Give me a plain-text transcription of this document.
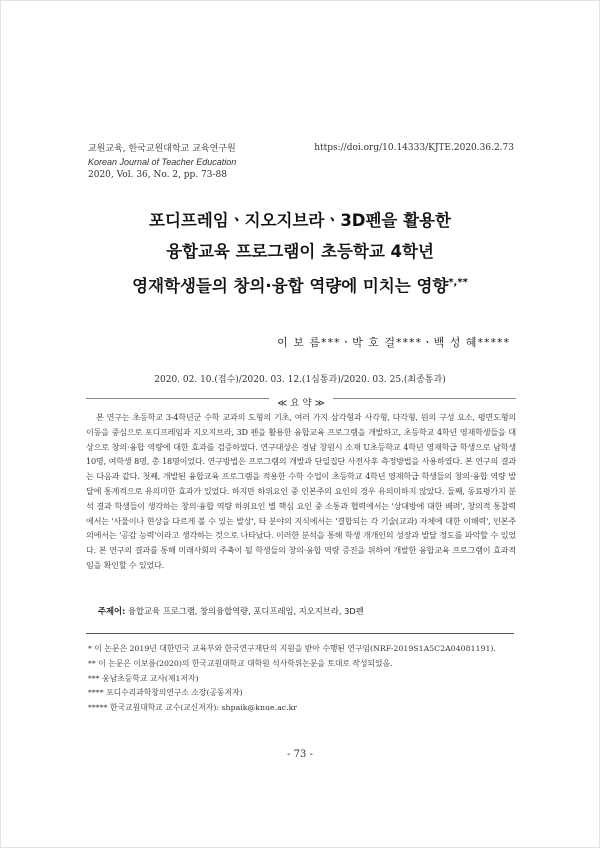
교원교육, 한국교원대학교 교육연구원
Korean Journal of Teacher Education
2020, Vol. 36, No. 2, pp. 73-88
https://doi.org/10.14333/KJTE.2020.36.2.73
포디프레임ㆍ지오지브라ㆍ3D펜을 활용한
융합교육 프로그램이 초등학교 4학년
영재학생들의 창의·융합 역량에 미치는 영향*,**
이 보 름***ㆍ박 호 걸****ㆍ백 성 혜*****
2020. 02. 10.(접수)/2020. 03. 12.(1심통과)/2020. 03. 25.(최종통과)
≪ 요 약 ≫
본 연구는 초등학교 3-4학년군 수학 교과의 도형의 기초, 여러 가지 삼각형과 사각형, 다각형, 원의 구성 요소, 평면도형의 이동을 중심으로 포디프레임과 지오지브라, 3D 펜을 활용한 융합교육 프로그램을 개발하고, 초등학교 4학년 영재학생들을 대상으로 창의·융합 역량에 대한 효과를 검증하였다. 연구대상은 경남 창원시 소재 U초등학교 4학년 영재학급 학생으로 남학생 10명, 여학생 8명, 총 18명이었다. 연구방법은 프로그램의 개발과 단일집단 사전사후 측정방법을 사용하였다. 본 연구의 결과는 다음과 같다. 첫째, 개발된 융합교육 프로그램을 적용한 수학 수업이 초등학교 4학년 영재학급 학생들의 창의·융합 역량 발달에 통계적으로 유의미한 효과가 있었다. 하지만 하위요인 중 인본주의 요인의 경우 유의미하지 않았다. 둘째, 동료평가지 분석 결과 학생들이 생각하는 창의·융합 역량 하위요인 별 핵심 요인 중 소통과 협력에서는 '상대방에 대한 배려', 창의적 통찰력에서는 '사물이나 현상을 다르게 볼 수 있는 발상', 타 분야의 지식에서는 '결합되는 각 기술(교과) 자체에 대한 이해력', 인본주의에서는 '공감 능력'이라고 생각하는 것으로 나타났다. 이러한 분석을 통해 학생 개개인의 성장과 발달 정도를 파악할 수 있었다. 본 연구의 결과를 통해 미래사회의 주축이 될 학생들의 창의·융합 역량 증진을 위하여 개발한 융합교육 프로그램이 효과적임을 확인할 수 있었다.
주제어: 융합교육 프로그램, 창의융합역량, 포디프레임, 지오지브라, 3D펜
* 이 논문은 2019년 대한민국 교육부와 한국연구재단의 지원을 받아 수행된 연구임(NRF-2019S1A5C2A04081191).
** 이 논문은 이보름(2020)의 한국교원대학교 대학원 석사학위논문을 토대로 작성되었음.
*** 웅남초등학교 교사(제1저자)
**** 포디수리과학창의연구소 소장(공동저자)
***** 한국교원대학교 교수(교신저자): shpaik@knue.ac.kr
- 73 -
